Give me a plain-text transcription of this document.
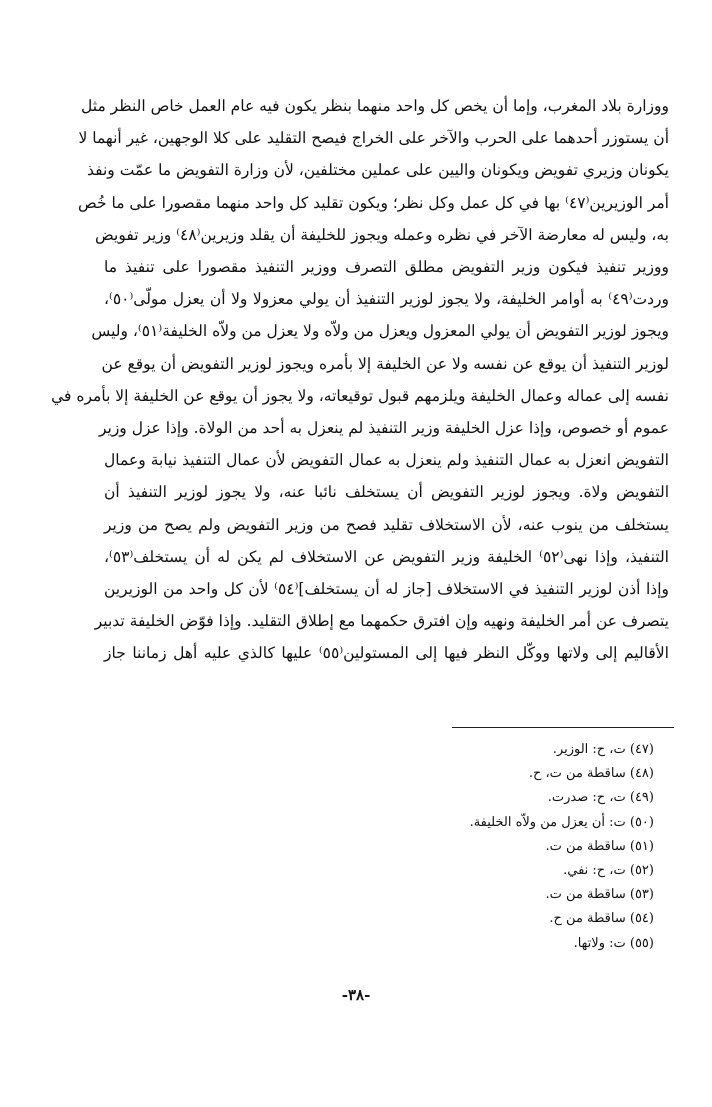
ووزارة بلاد المغرب، وإما أن يخص كل واحد منهما بنظر يكون فيه عام العمل خاص النظر مثل
أن يستوزر أحدهما على الحرب والآخر على الخراج فيصح التقليد على كلا الوجهين، غير أنهما لا
يكونان وزيري تفويض ويكونان واليين على عملين مختلفين، لأن وزارة التفويض ما عمّت ونفذ
أمر الوزيرين⁽٤٧⁾ بها في كل عمل وكل نظر؛ ويكون تقليد كل واحد منهما مقصورا على ما خُص
به، وليس له معارضة الآخر في نظره وعمله ويجوز للخليفة أن يقلد وزيرين⁽٤٨⁾ وزير تفويض
ووزير تنفيذ فيكون وزير التفويض مطلق التصرف ووزير التنفيذ مقصورا على تنفيذ ما
وردت⁽٤٩⁾ به أوامر الخليفة، ولا يجوز لوزير التنفيذ أن يولي معزولا ولا أن يعزل مولّى⁽٥٠⁾،
ويجوز لوزير التفويض أن يولي المعزول ويعزل من ولاّه ولا يعزل من ولاّه الخليفة⁽٥١⁾، وليس
لوزير التنفيذ أن يوقع عن نفسه ولا عن الخليفة إلا بأمره ويجوز لوزير التفويض أن يوقع عن
نفسه إلى عماله وعمال الخليفة ويلزمهم قبول توقيعاته، ولا يجوز أن يوقع عن الخليفة إلا بأمره في
عموم أو خصوص، وإذا عزل الخليفة وزير التنفيذ لم ينعزل به أحد من الولاة. وإذا عزل وزير
التفويض انعزل به عمال التنفيذ ولم ينعزل به عمال التفويض لأن عمال التنفيذ نيابة وعمال
التفويض ولاة. ويجوز لوزير التفويض أن يستخلف نائبا عنه، ولا يجوز لوزير التنفيذ أن
يستخلف من ينوب عنه، لأن الاستخلاف تقليد فصح من وزير التفويض ولم يصح من وزير
التنفيذ، وإذا نهى⁽٥٢⁾ الخليفة وزير التفويض عن الاستخلاف لم يكن له أن يستخلف⁽٥٣⁾،
وإذا أذن لوزير التنفيذ في الاستخلاف [جاز له أن يستخلف]⁽٥٤⁾ لأن كل واحد من الوزيرين
يتصرف عن أمر الخليفة ونهيه وإن افترق حكمهما مع إطلاق التقليد. وإذا فوّض الخليفة تدبير
الأقاليم إلى ولاتها ووكّل النظر فيها إلى المستولين⁽٥٥⁾ عليها كالذي عليه أهل زماننا جاز
(٤٧) ت، ح: الوزير.
(٤٨) ساقطة من ت، ح.
(٤٩) ت، ح: صدرت.
(٥٠) ت: أن يعزل من ولاّه الخليفة.
(٥١) ساقطة من ت.
(٥٢) ت، ح: نفي.
(٥٣) ساقطة من ت.
(٥٤) ساقطة من ح.
(٥٥) ت: ولاتها.
-٣٨-
